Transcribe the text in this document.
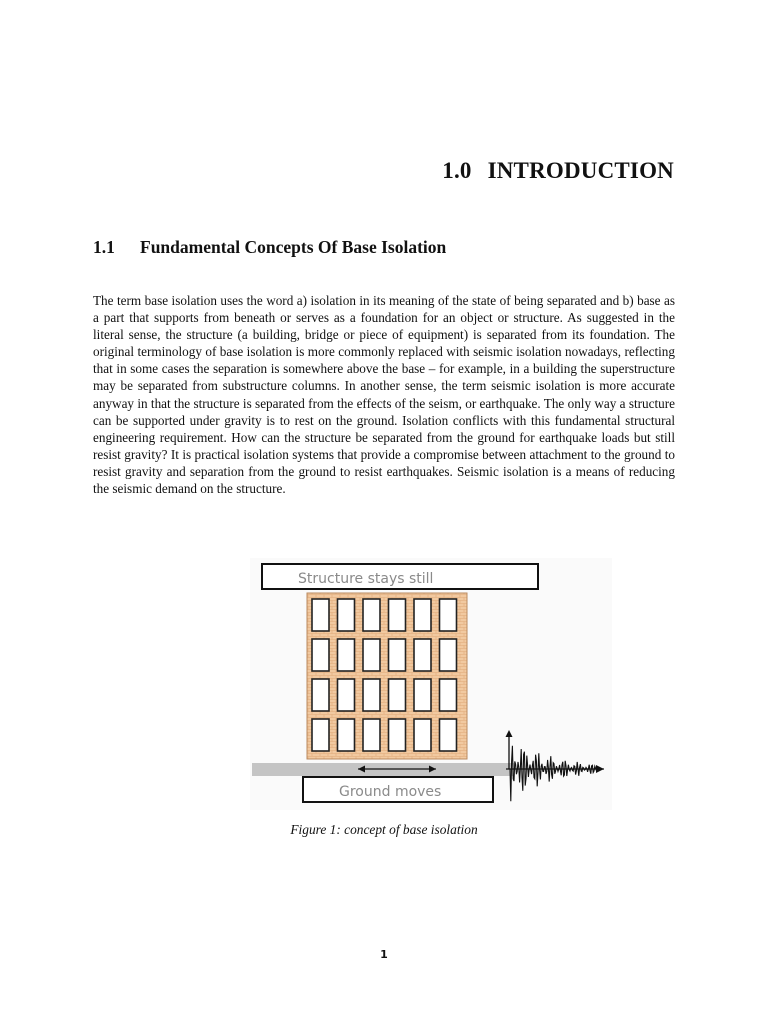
1.0 INTRODUCTION
1.1 Fundamental Concepts Of Base Isolation

The term base isolation uses the word a) isolation in its meaning of the state of being separated and b) base as a part that supports from beneath or serves as a foundation for an object or structure. As suggested in the literal sense, the structure (a building, bridge or piece of equipment) is separated from its foundation. The original terminology of base isolation is more commonly replaced with seismic isolation nowadays, reflecting that in some cases the separation is somewhere above the base – for example, in a building the superstructure may be separated from substructure columns. In another sense, the term seismic isolation is more accurate anyway in that the structure is separated from the effects of the seism, or earthquake. The only way a structure can be supported under gravity is to rest on the ground. Isolation conflicts with this fundamental structural engineering requirement. How can the structure be separated from the ground for earthquake loads but still resist gravity? It is practical isolation systems that provide a compromise between attachment to the ground to resist gravity and separation from the ground to resist earthquakes. Seismic isolation is a means of reducing the seismic demand on the structure.

Structure stays still
Ground moves

Figure 1: concept of base isolation

1
